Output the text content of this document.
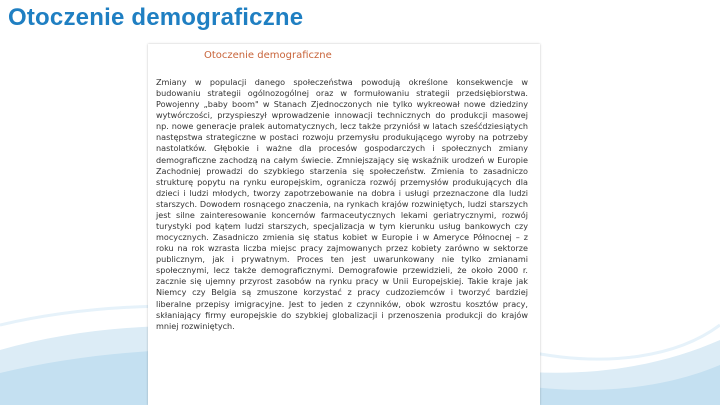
Otoczenie demograficzne
Otoczenie demograficzne

Zmiany w populacji danego społeczeństwa powodują określone konsekwencje w budowaniu strategii ogólnozogólnej oraz w formułowaniu strategii przedsiębiorstwa. Powojenny „baby boom" w Stanach Zjednoczonych nie tylko wykreował nowe dziedziny wytwórczości, przyspieszył wprowadzenie innowacji technicznych do produkcji masowej np. nowe generacje pralek automatycznych, lecz także przyniósł w latach sześćdziesiątych następstwa strategiczne w postaci rozwoju przemysłu produkującego wyroby na potrzeby nastolatków. Głębokie i ważne dla procesów gospodarczych i społecznych zmiany demograficzne zachodzą na całym świecie. Zmniejszający się wskaźnik urodzeń w Europie Zachodniej prowadzi do szybkiego starzenia się społeczeństw. Zmienia to zasadniczo strukturę popytu na rynku europejskim, ogranicza rozwój przemysłów produkujących dla dzieci i ludzi młodych, tworzy zapotrzebowanie na dobra i usługi przeznaczone dla ludzi starszych. Dowodem rosnącego znaczenia, na rynkach krajów rozwiniętych, ludzi starszych jest silne zainteresowanie koncernów farmaceutycznych lekami geriatrycznymi, rozwój turystyki pod kątem ludzi starszych, specjalizacja w tym kierunku usług bankowych czy mocycznych. Zasadniczo zmienia się status kobiet w Europie i w Ameryce Północnej – z roku na rok wzrasta liczba miejsc pracy zajmowanych przez kobiety zarówno w sektorze publicznym, jak i prywatnym. Proces ten jest uwarunkowany nie tylko zmianami społecznymi, lecz także demograficznymi. Demografowie przewidzieli, że około 2000 r. zacznie się ujemny przyrost zasobów na rynku pracy w Unii Europejskiej. Takie kraje jak Niemcy czy Belgia są zmuszone korzystać z pracy cudzoziemców i tworzyć bardziej liberalne przepisy imigracyjne. Jest to jeden z czynników, obok wzrostu kosztów pracy, skłaniający firmy europejskie do szybkiej globalizacji i przenoszenia produkcji do krajów mniej rozwiniętych.
